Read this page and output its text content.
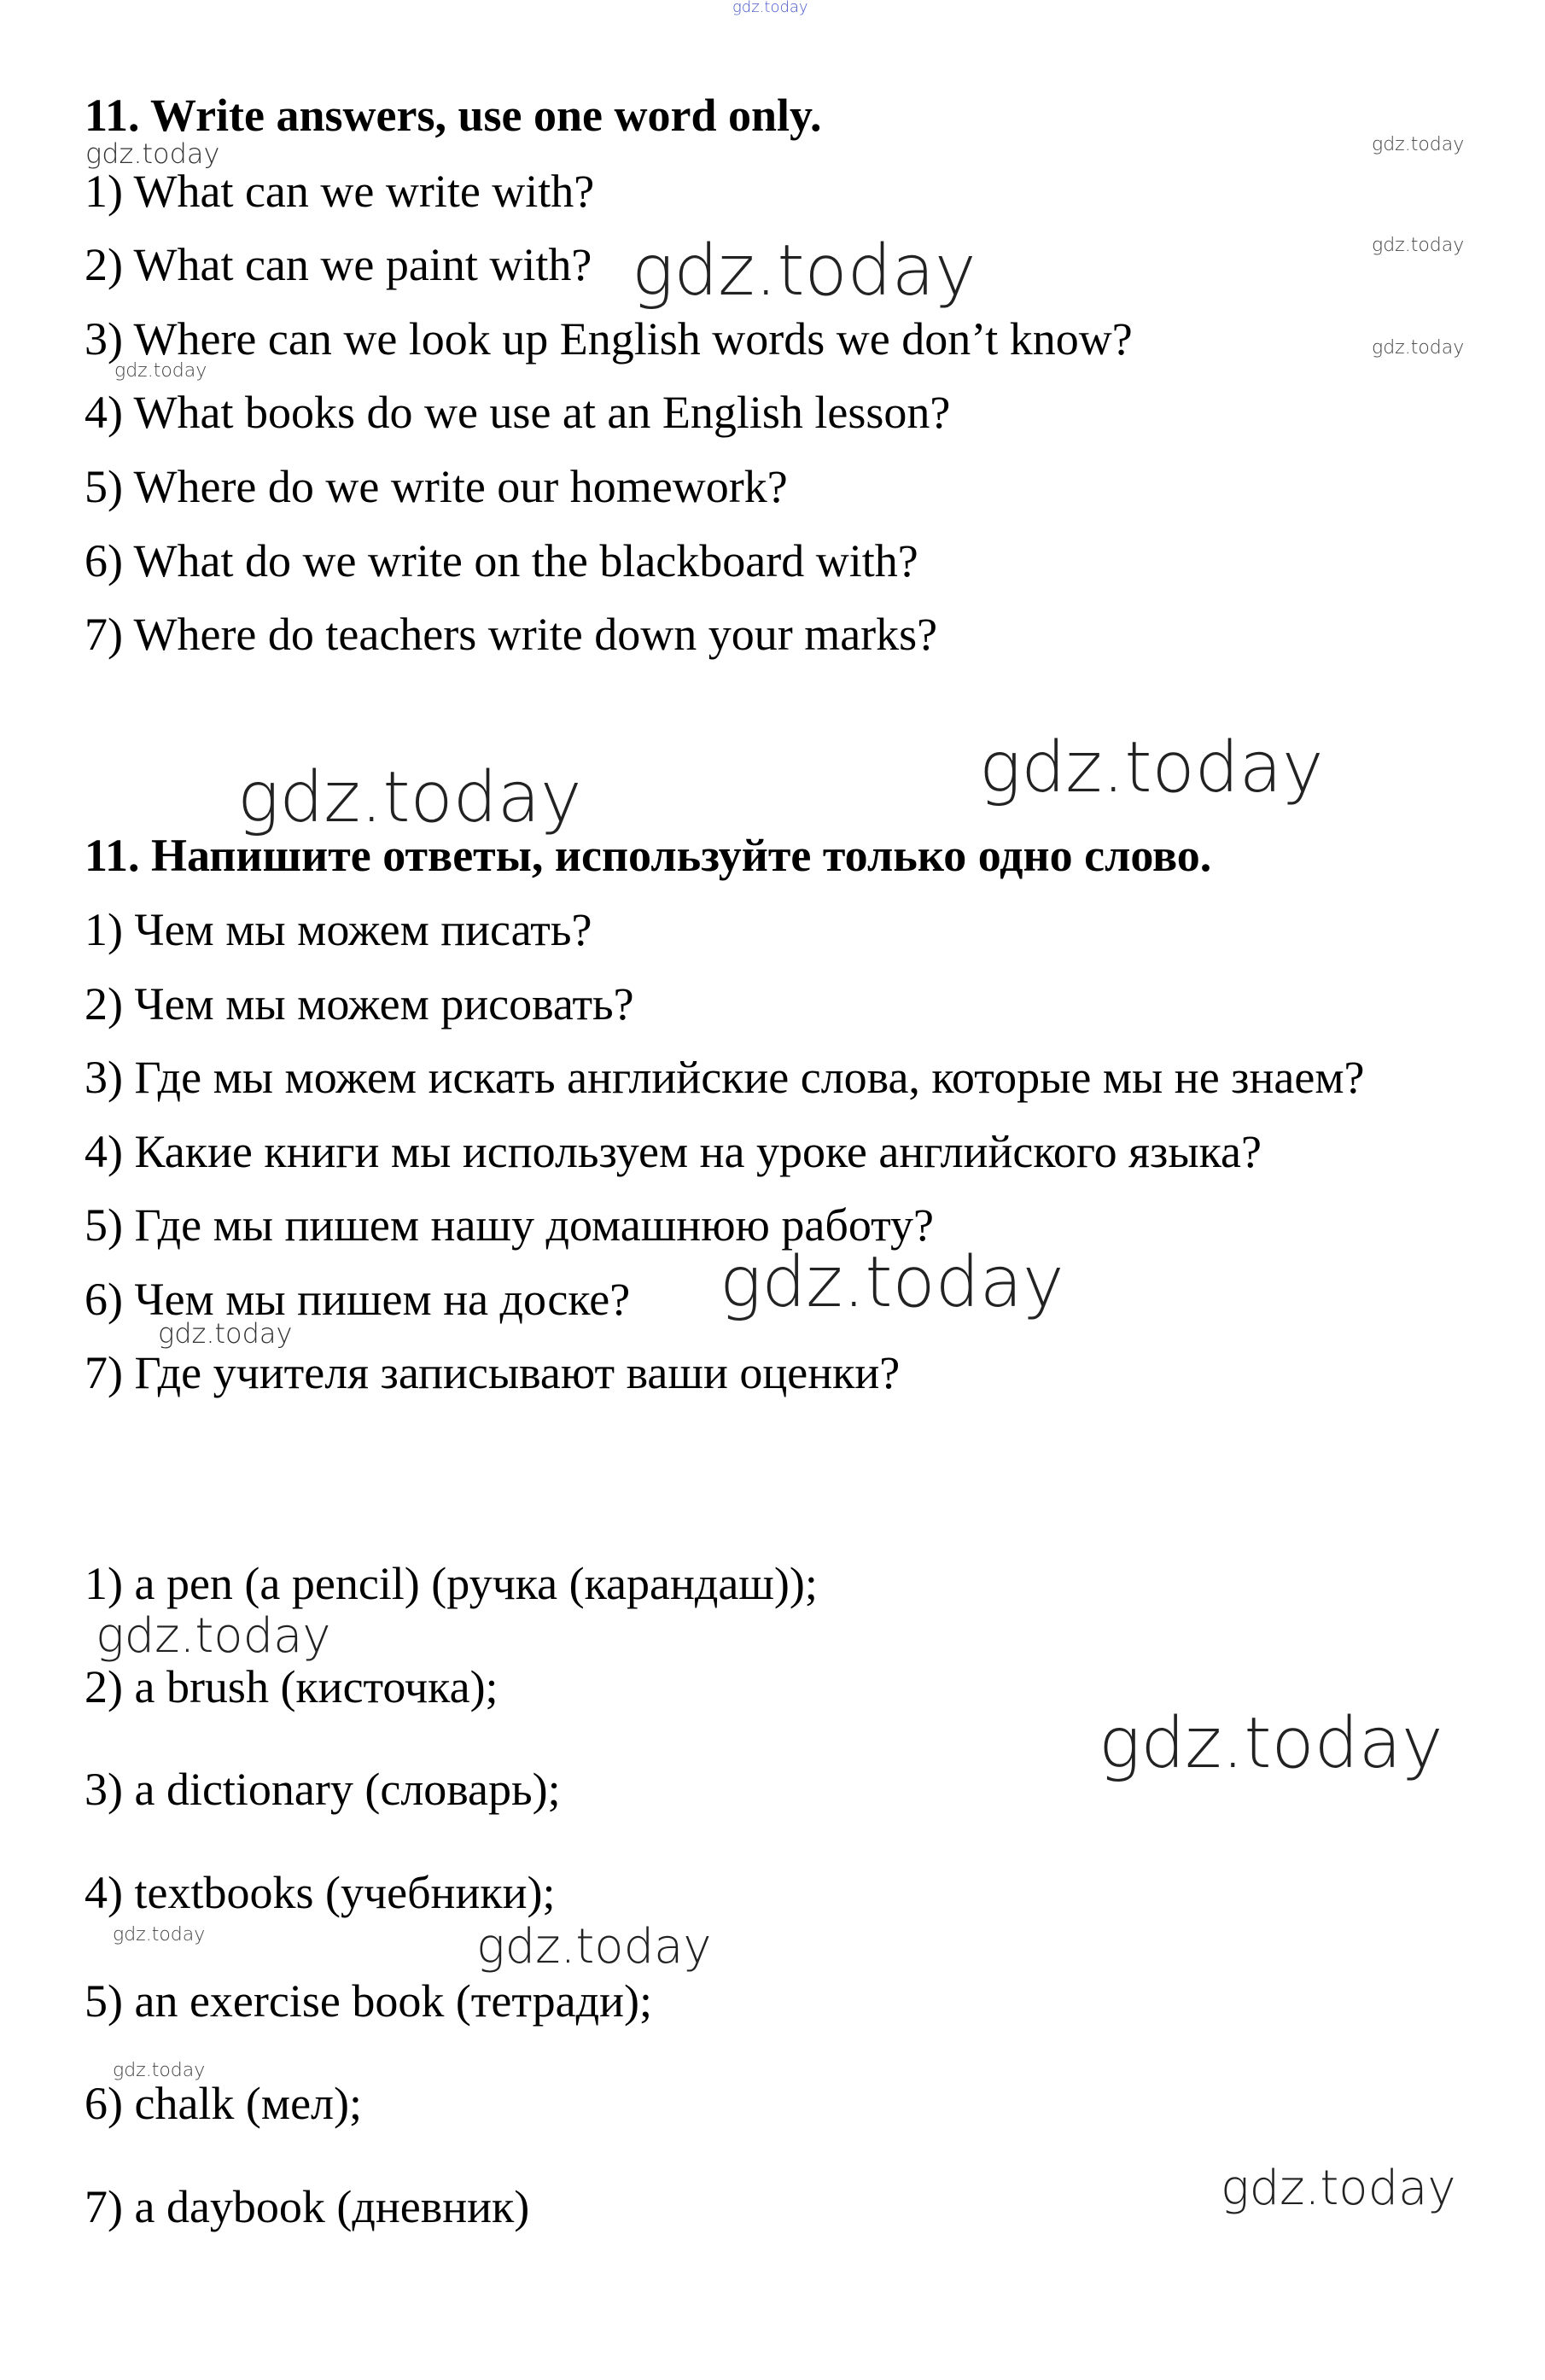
11. Write answers, use one word only.

1) What can we write with?

2) What can we paint with?

3) Where can we look up English words we don’t know?

4) What books do we use at an English lesson?

5) Where do we write our homework?

6) What do we write on the blackboard with?

7) Where do teachers write down your marks?

11. Напишите ответы, используйте только одно слово.

1) Чем мы можем писать?

2) Чем мы можем рисовать?

3) Где мы можем искать английские слова, которые мы не знаем?

4) Какие книги мы используем на уроке английского языка?

5) Где мы пишем нашу домашнюю работу?

6) Чем мы пишем на доске?

7) Где учителя записывают ваши оценки?

1) a pen (a pencil) (ручка (карандаш));

2) a brush (кисточка);

3) a dictionary (словарь);

4) textbooks (учебники);

5) an exercise book (тетради);

6) chalk (мел);

7) a daybook (дневник)

gdz.today
gdz.today	gdz.today
gdz.today	gdz.today
gdz.today
gdz.today
gdz.today	gdz.today
gdz.today
gdz.today
gdz.today
gdz.today
gdz.today	gdz.today
gdz.today
gdz.today
